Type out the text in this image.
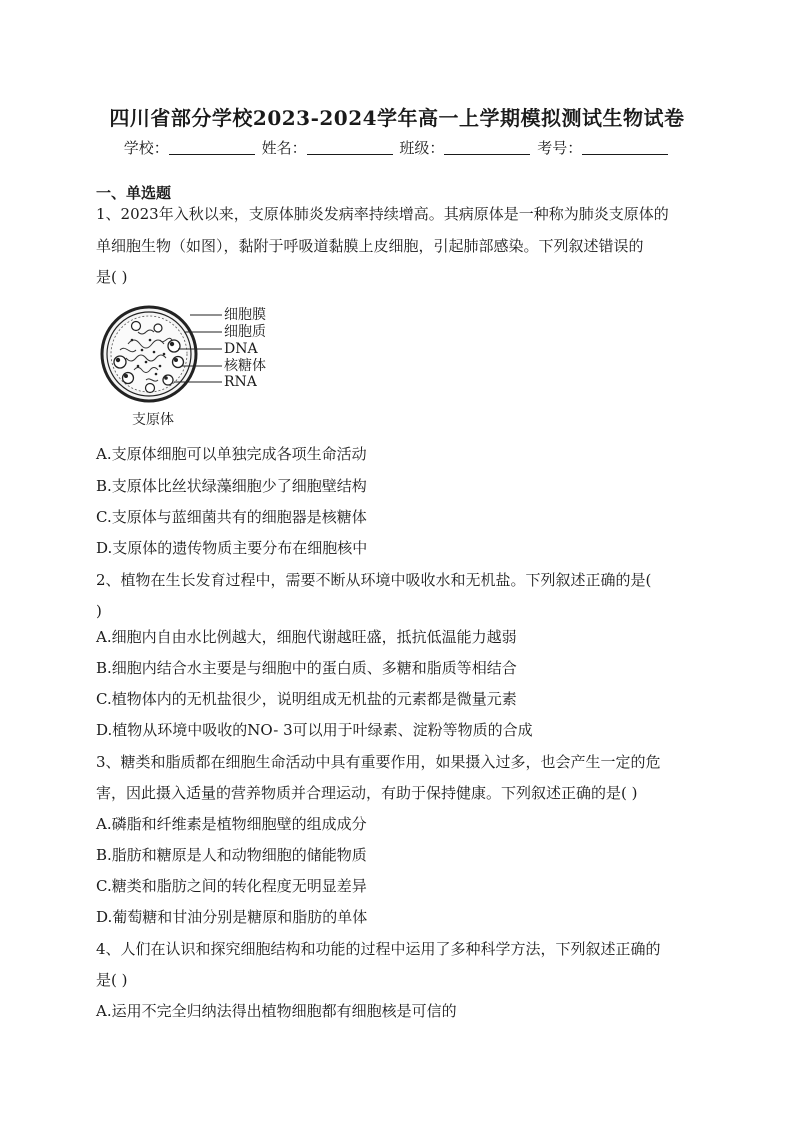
四川省部分学校2023-2024学年高一上学期模拟测试生物试卷
学校：	姓名：	班级：	考号：
一、单选题
1、2023年入秋以来，支原体肺炎发病率持续增高。其病原体是一种称为肺炎支原体的
单细胞生物（如图），黏附于呼吸道黏膜上皮细胞，引起肺部感染。下列叙述错误的
是( )
细胞膜
细胞质
DNA
核糖体
RNA
支原体
A.支原体细胞可以单独完成各项生命活动
B.支原体比丝状绿藻细胞少了细胞壁结构
C.支原体与蓝细菌共有的细胞器是核糖体
D.支原体的遗传物质主要分布在细胞核中
2、植物在生长发育过程中，需要不断从环境中吸收水和无机盐。下列叙述正确的是(
)
A.细胞内自由水比例越大，细胞代谢越旺盛，抵抗低温能力越弱
B.细胞内结合水主要是与细胞中的蛋白质、多糖和脂质等相结合
C.植物体内的无机盐很少，说明组成无机盐的元素都是微量元素
D.植物从环境中吸收的NO- 3可以用于叶绿素、淀粉等物质的合成
3、糖类和脂质都在细胞生命活动中具有重要作用，如果摄入过多，也会产生一定的危
害，因此摄入适量的营养物质并合理运动，有助于保持健康。下列叙述正确的是( )
A.磷脂和纤维素是植物细胞壁的组成成分
B.脂肪和糖原是人和动物细胞的储能物质
C.糖类和脂肪之间的转化程度无明显差异
D.葡萄糖和甘油分别是糖原和脂肪的单体
4、人们在认识和探究细胞结构和功能的过程中运用了多种科学方法，下列叙述正确的
是( )
A.运用不完全归纳法得出植物细胞都有细胞核是可信的
